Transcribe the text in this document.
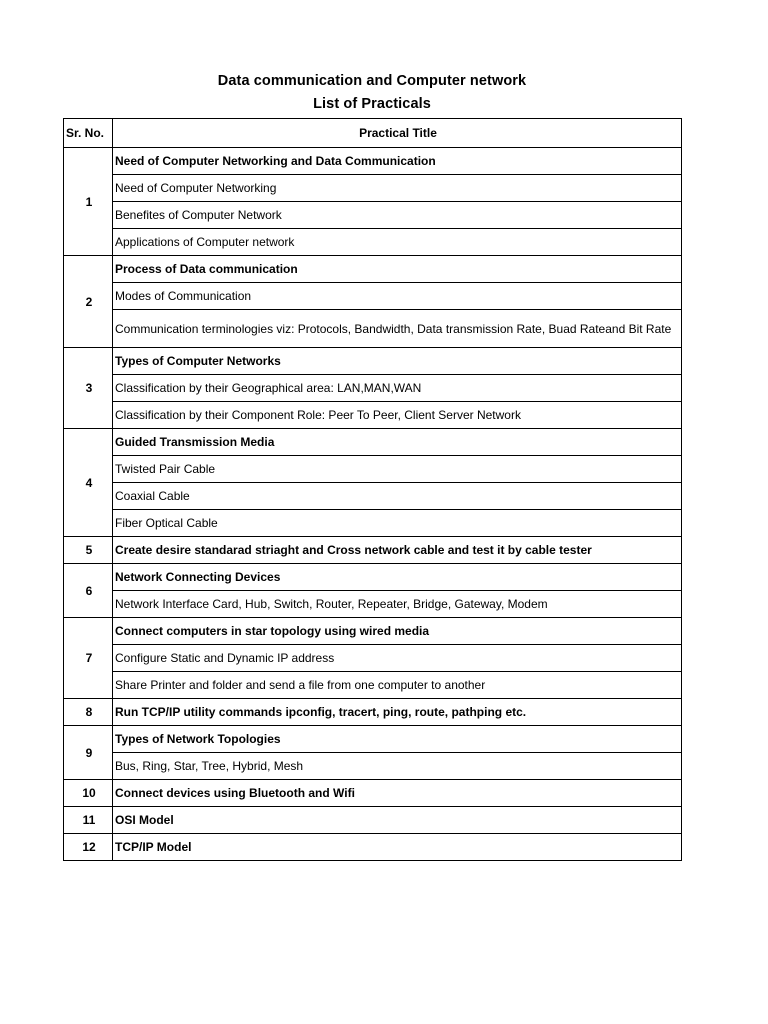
Data communication and Computer network
List of Practicals
Sr. No.	Practical Title
1	Need of Computer Networking and Data Communication
	Need of Computer Networking
	Benefites of Computer Network
	Applications of Computer network
2	Process of Data communication
	Modes of Communication
	Communication terminologies viz: Protocols, Bandwidth, Data transmission Rate, Buad Rateand Bit Rate
3	Types of Computer Networks
	Classification by their Geographical area: LAN,MAN,WAN
	Classification by their Component Role: Peer To Peer, Client Server Network
4	Guided Transmission Media
	Twisted Pair Cable
	Coaxial Cable
	Fiber Optical Cable
5	Create desire standarad striaght and Cross network cable and test it by cable tester
6	Network Connecting Devices
	Network Interface Card, Hub, Switch, Router, Repeater, Bridge, Gateway, Modem
7	Connect computers in star topology using wired media
	Configure Static and Dynamic IP address
	Share Printer and folder and send a file from one computer to another
8	Run TCP/IP utility commands ipconfig, tracert, ping, route, pathping etc.
9	Types of Network Topologies
	Bus, Ring, Star, Tree, Hybrid, Mesh
10	Connect devices using Bluetooth and Wifi
11	OSI Model
12	TCP/IP Model
